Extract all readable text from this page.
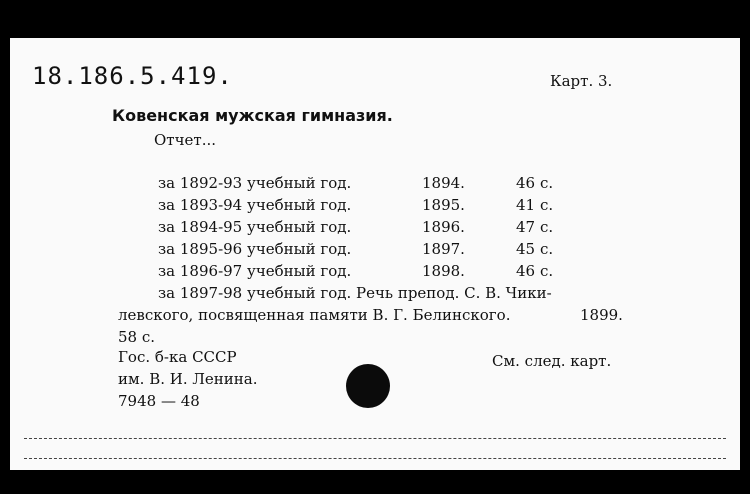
18.186.5.419.	Карт. 3.
Ковенская мужская гимназия.
Отчет...
за 1892-93 учебный год.	1894.	46 с.
за 1893-94 учебный год.	1895.	41 с.
за 1894-95 учебный год.	1896.	47 с.
за 1895-96 учебный год.	1897.	45 с.
за 1896-97 учебный год.	1898.	46 с.
за 1897-98 учебный год. Речь препод. С. В. Чики-
левского, посвященная памяти В. Г. Белинского.	1899.
58 с.
Гос. б-ка СССР
им. В. И. Ленина.
7948 — 48
См. след. карт.
